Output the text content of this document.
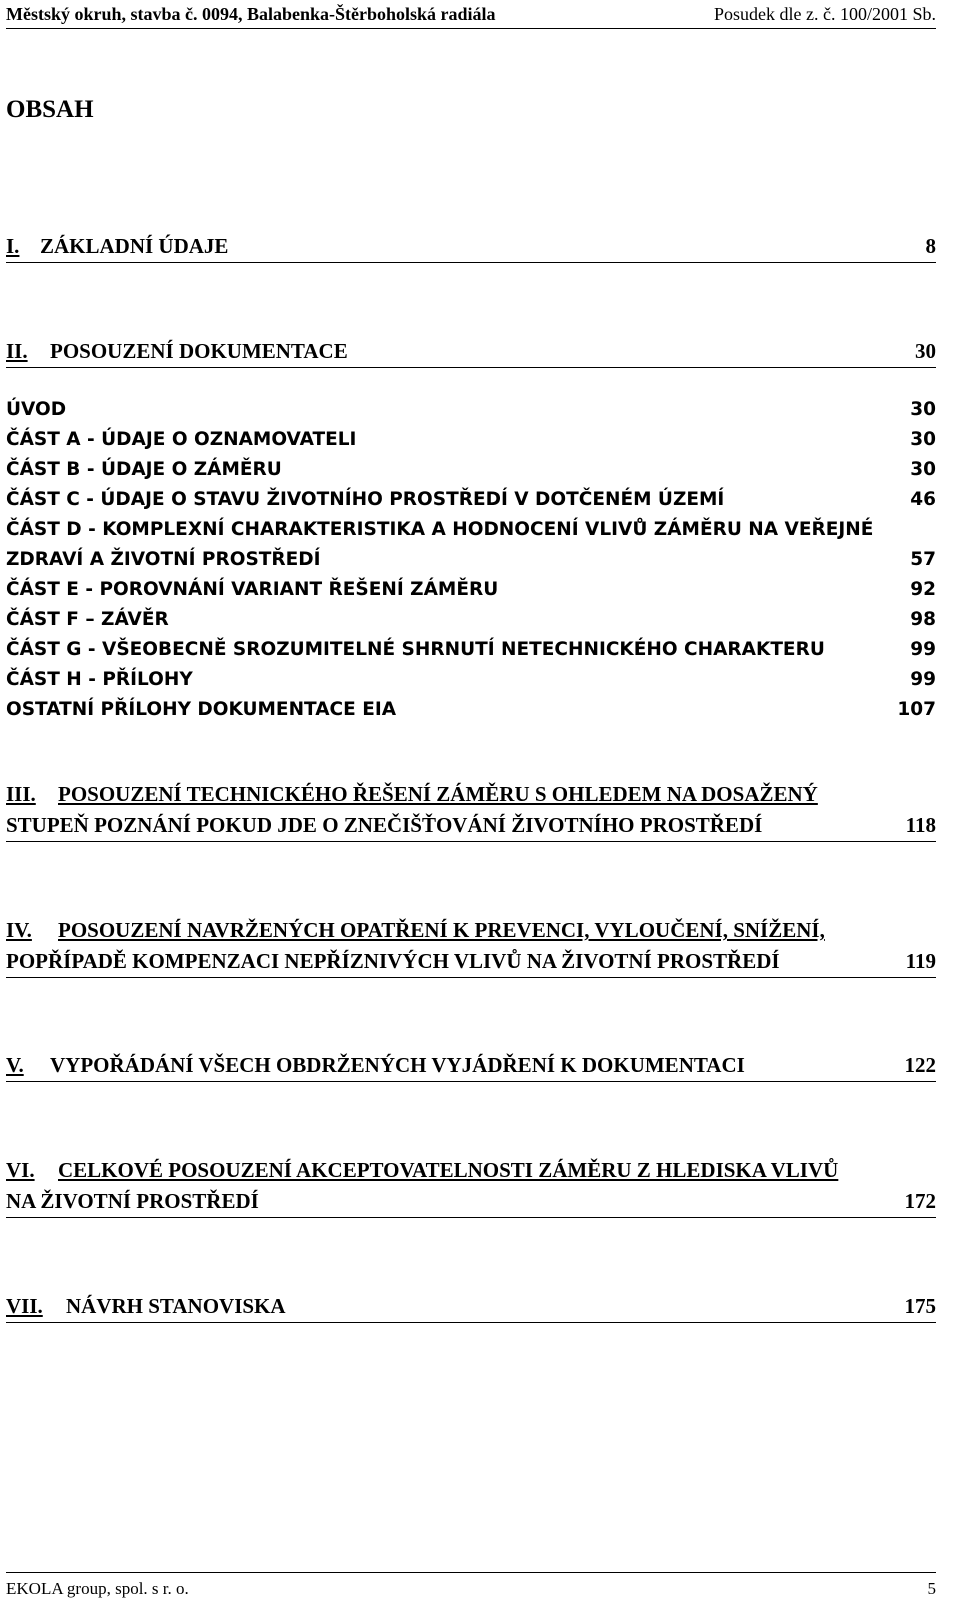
Městský okruh, stavba č. 0094, Balabenka-Štěrboholská radiála	Posudek dle z. č. 100/2001 Sb.
OBSAH
I. ZÁKLADNÍ ÚDAJE	8
II. POSOUZENÍ DOKUMENTACE	30
ÚVOD	30
ČÁST A - ÚDAJE O OZNAMOVATELI	30
ČÁST B - ÚDAJE O ZÁMĚRU	30
ČÁST C - ÚDAJE O STAVU ŽIVOTNÍHO PROSTŘEDÍ V DOTČENÉM ÚZEMÍ	46
ČÁST D - KOMPLEXNÍ CHARAKTERISTIKA A HODNOCENÍ VLIVŮ ZÁMĚRU NA VEŘEJNÉ
ZDRAVÍ A ŽIVOTNÍ PROSTŘEDÍ	57
ČÁST E - POROVNÁNÍ VARIANT ŘEŠENÍ ZÁMĚRU	92
ČÁST F – ZÁVĚR	98
ČÁST G - VŠEOBECNĚ SROZUMITELNÉ SHRNUTÍ NETECHNICKÉHO CHARAKTERU	99
ČÁST H - PŘÍLOHY	99
OSTATNÍ PŘÍLOHY DOKUMENTACE EIA	107
III. POSOUZENÍ TECHNICKÉHO ŘEŠENÍ ZÁMĚRU S OHLEDEM NA DOSAŽENÝ
STUPEŇ POZNÁNÍ POKUD JDE O ZNEČIŠŤOVÁNÍ ŽIVOTNÍHO PROSTŘEDÍ	118
IV. POSOUZENÍ NAVRŽENÝCH OPATŘENÍ K PREVENCI, VYLOUČENÍ, SNÍŽENÍ,
POPŘÍPADĚ KOMPENZACI NEPŘÍZNIVÝCH VLIVŮ NA ŽIVOTNÍ PROSTŘEDÍ	119
V. VYPOŘÁDÁNÍ VŠECH OBDRŽENÝCH VYJÁDŘENÍ K DOKUMENTACI	122
VI. CELKOVÉ POSOUZENÍ AKCEPTOVATELNOSTI ZÁMĚRU Z HLEDISKA VLIVŮ
NA ŽIVOTNÍ PROSTŘEDÍ	172
VII. NÁVRH STANOVISKA	175
EKOLA group, spol. s r. o.	5
